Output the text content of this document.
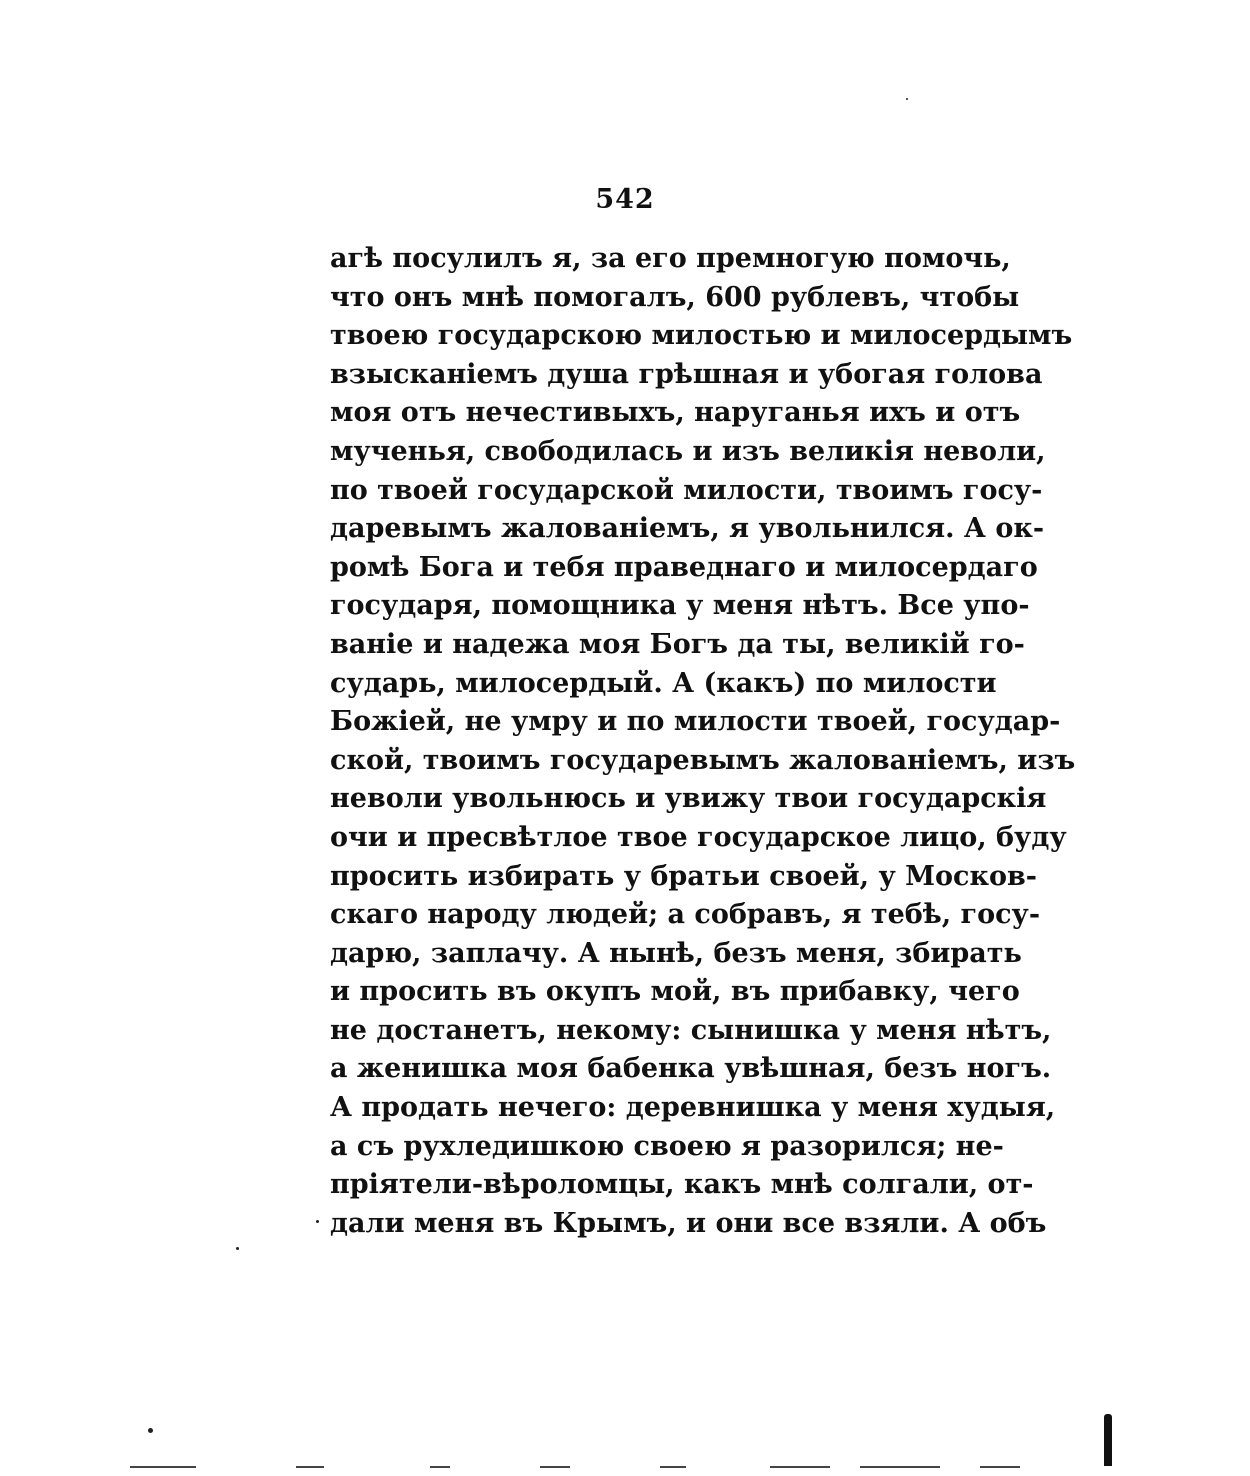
542
агѣ посулилъ я, за его премногую помочь,
что онъ мнѣ помогалъ, 600 рублевъ, чтобы
твоею государскою милостью и милосердымъ
взысканіемъ душа грѣшная и убогая голова
моя отъ нечестивыхъ, наруганья ихъ и отъ
мученья, свободилась и изъ великія неволи,
по твоей государской милости, твоимъ госу-
даревымъ жалованіемъ, я увольнился. А ок-
ромѣ Бога и тебя праведнаго и милосердаго
государя, помощника у меня нѣтъ. Все упо-
ваніе и надежа моя Богъ да ты, великій го-
сударь, милосердый. А (какъ) по милости
Божіей, не умру и по милости твоей, государ-
ской, твоимъ государевымъ жалованіемъ, изъ
неволи увольнюсь и увижу твои государскія
очи и пресвѣтлое твое государское лицо, буду
просить избирать у братьи своей, у Москов-
скаго народу людей; а собравъ, я тебѣ, госу-
дарю, заплачу. А нынѣ, безъ меня, збирать
и просить въ окупъ мой, въ прибавку, чего
не достанетъ, некому: сынишка у меня нѣтъ,
а женишка моя бабенка увѣшная, безъ ногъ.
А продать нечего: деревнишка у меня худыя,
а съ рухледишкою своею я разорился; не-
пріятели-вѣроломцы, какъ мнѣ солгали, от-
дали меня въ Крымъ, и они все взяли. А объ
